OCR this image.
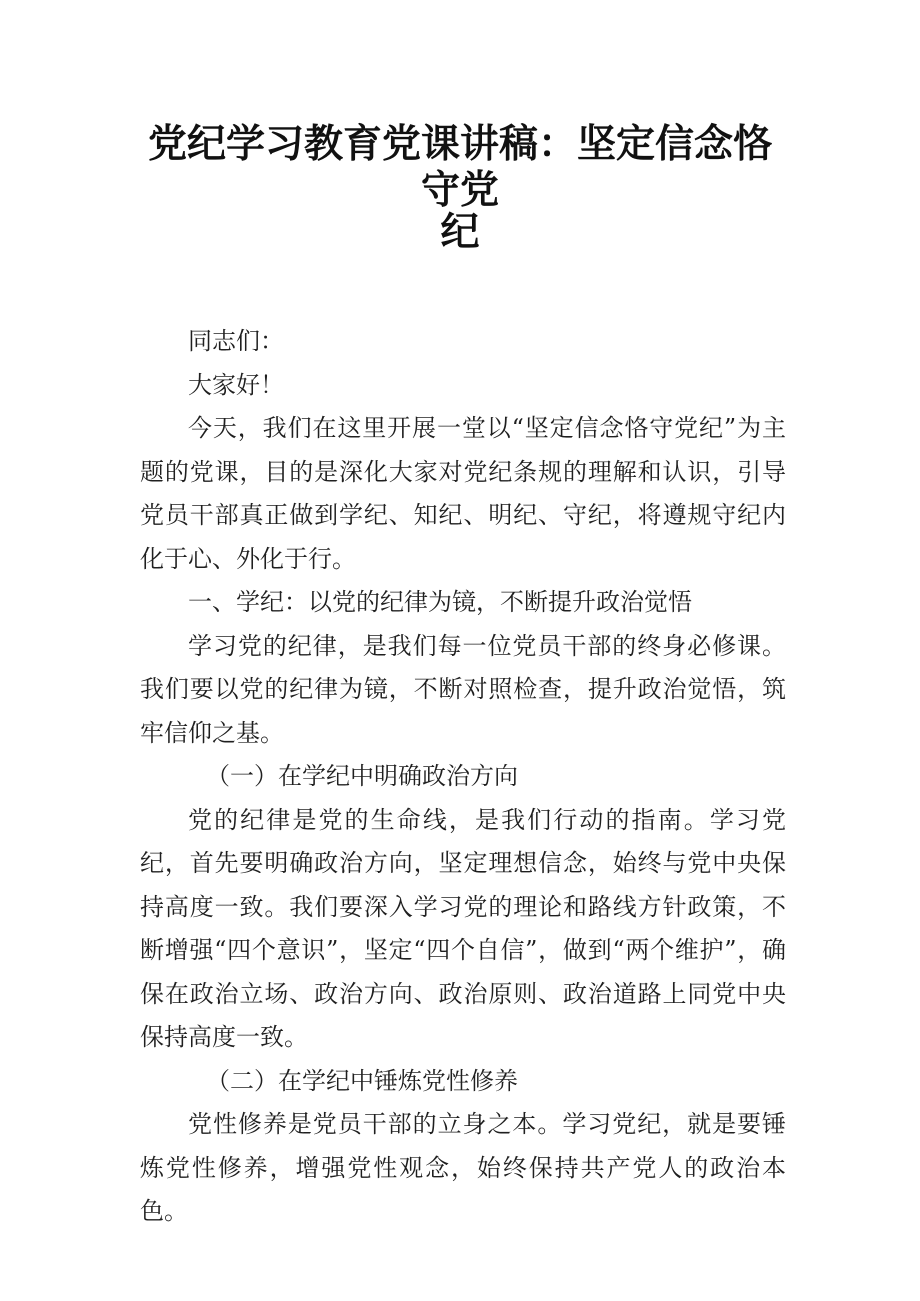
党纪学习教育党课讲稿：坚定信念恪守党
纪

同志们：

大家好！

今天，我们在这里开展一堂以“坚定信念恪守党纪”为主题的党课，目的是深化大家对党纪条规的理解和认识，引导党员干部真正做到学纪、知纪、明纪、守纪，将遵规守纪内化于心、外化于行。

一、学纪：以党的纪律为镜，不断提升政治觉悟

学习党的纪律，是我们每一位党员干部的终身必修课。我们要以党的纪律为镜，不断对照检查，提升政治觉悟，筑牢信仰之基。

（一）在学纪中明确政治方向

党的纪律是党的生命线，是我们行动的指南。学习党纪，首先要明确政治方向，坚定理想信念，始终与党中央保持高度一致。我们要深入学习党的理论和路线方针政策，不断增强“四个意识”，坚定“四个自信”，做到“两个维护”，确保在政治立场、政治方向、政治原则、政治道路上同党中央保持高度一致。

（二）在学纪中锤炼党性修养

党性修养是党员干部的立身之本。学习党纪，就是要锤炼党性修养，增强党性观念，始终保持共产党人的政治本色。
